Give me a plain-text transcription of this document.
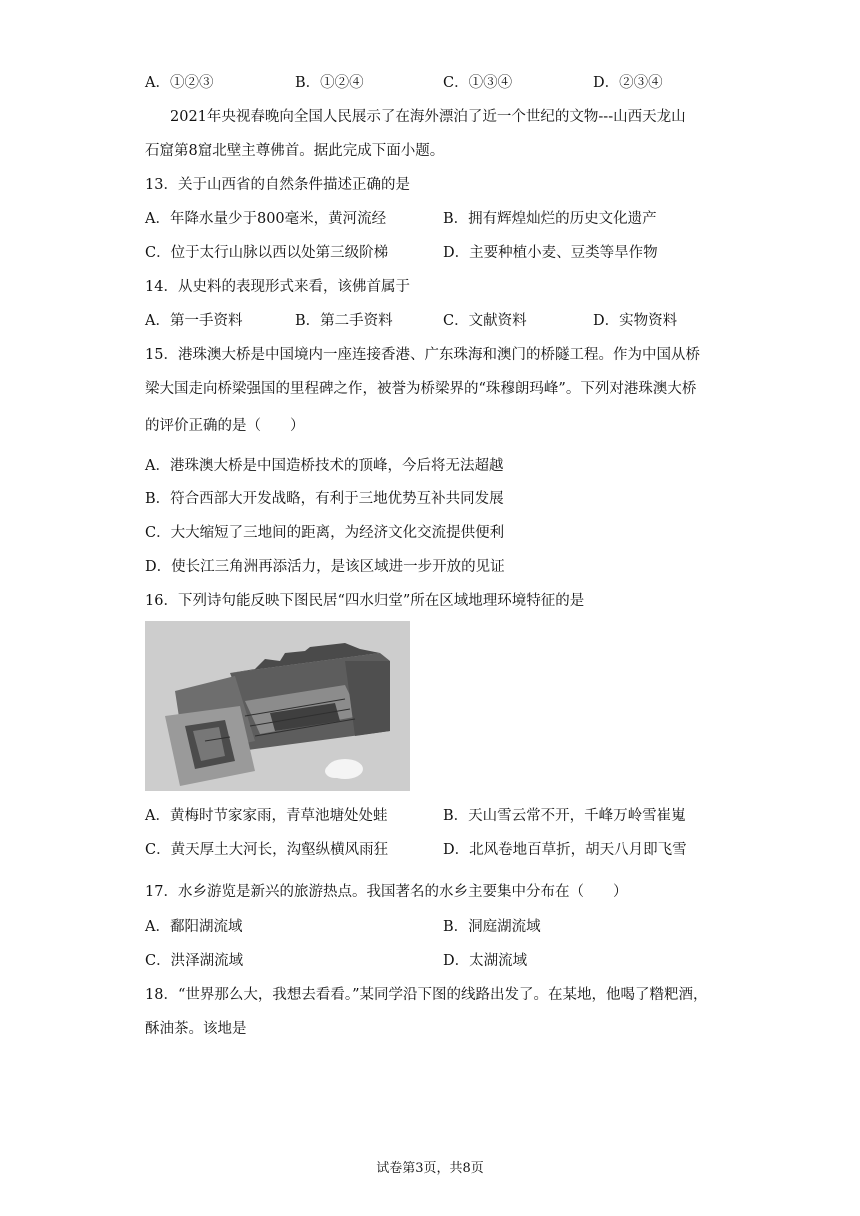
A．①②③	B．①②④	C．①③④	D．②③④
2021年央视春晚向全国人民展示了在海外漂泊了近一个世纪的文物---山西天龙山
石窟第8窟北壁主尊佛首。据此完成下面小题。
13．关于山西省的自然条件描述正确的是
A．年降水量少于800毫米，黄河流经	B．拥有辉煌灿烂的历史文化遗产
C．位于太行山脉以西以处第三级阶梯	D．主要种植小麦、豆类等旱作物
14．从史料的表现形式来看，该佛首属于
A．第一手资料	B．第二手资料	C．文献资料	D．实物资料
15．港珠澳大桥是中国境内一座连接香港、广东珠海和澳门的桥隧工程。作为中国从桥
梁大国走向桥梁强国的里程碑之作，被誉为桥梁界的“珠穆朗玛峰”。下列对港珠澳大桥
的评价正确的是（　　）
A．港珠澳大桥是中国造桥技术的顶峰，今后将无法超越
B．符合西部大开发战略，有利于三地优势互补共同发展
C．大大缩短了三地间的距离，为经济文化交流提供便利
D．使长江三角洲再添活力，是该区域进一步开放的见证
16．下列诗句能反映下图民居“四水归堂”所在区域地理环境特征的是
A．黄梅时节家家雨，青草池塘处处蛙	B．天山雪云常不开，千峰万岭雪崔嵬
C．黄天厚土大河长，沟壑纵横风雨狂	D．北风卷地百草折，胡天八月即飞雪
17．水乡游览是新兴的旅游热点。我国著名的水乡主要集中分布在（　　）
A．鄱阳湖流域	B．洞庭湖流域
C．洪泽湖流域	D．太湖流域
18．“世界那么大，我想去看看。”某同学沿下图的线路出发了。在某地，他喝了糌粑酒，
酥油茶。该地是
试卷第3页，共8页
